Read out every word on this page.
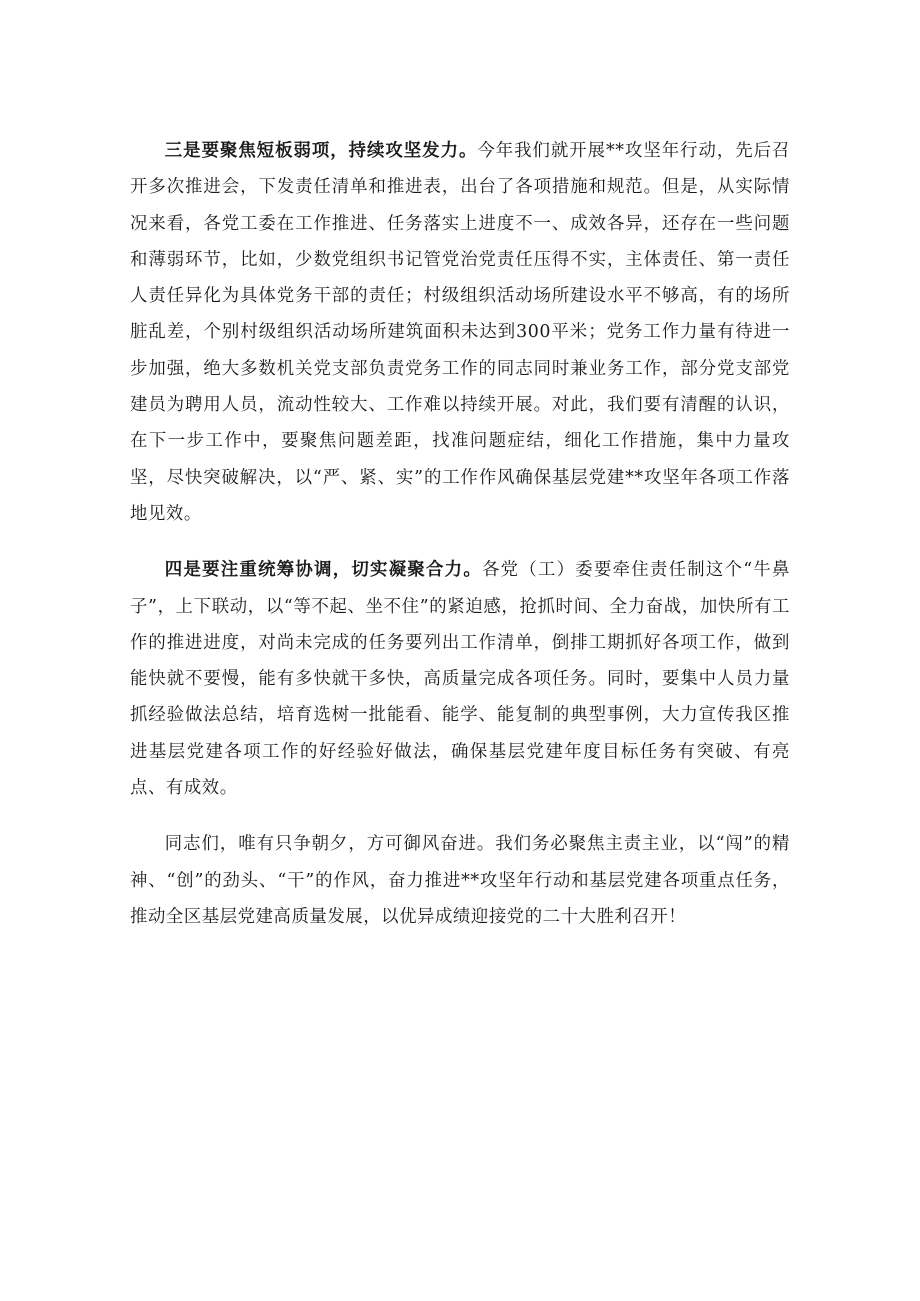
三是要聚焦短板弱项，持续攻坚发力。今年我们就开展**攻坚年行动，先后召开多次推进会，下发责任清单和推进表，出台了各项措施和规范。但是，从实际情况来看，各党工委在工作推进、任务落实上进度不一、成效各异，还存在一些问题和薄弱环节，比如，少数党组织书记管党治党责任压得不实，主体责任、第一责任人责任异化为具体党务干部的责任；村级组织活动场所建设水平不够高，有的场所脏乱差，个别村级组织活动场所建筑面积未达到300平米；党务工作力量有待进一步加强，绝大多数机关党支部负责党务工作的同志同时兼业务工作，部分党支部党建员为聘用人员，流动性较大、工作难以持续开展。对此，我们要有清醒的认识，在下一步工作中，要聚焦问题差距，找准问题症结，细化工作措施，集中力量攻坚，尽快突破解决，以“严、紧、实”的工作作风确保基层党建**攻坚年各项工作落地见效。

四是要注重统筹协调，切实凝聚合力。各党（工）委要牵住责任制这个“牛鼻子”，上下联动，以“等不起、坐不住”的紧迫感，抢抓时间、全力奋战，加快所有工作的推进进度，对尚未完成的任务要列出工作清单，倒排工期抓好各项工作，做到能快就不要慢，能有多快就干多快，高质量完成各项任务。同时，要集中人员力量抓经验做法总结，培育选树一批能看、能学、能复制的典型事例，大力宣传我区推进基层党建各项工作的好经验好做法，确保基层党建年度目标任务有突破、有亮点、有成效。

同志们，唯有只争朝夕，方可御风奋进。我们务必聚焦主责主业，以“闯”的精神、“创”的劲头、“干”的作风，奋力推进**攻坚年行动和基层党建各项重点任务，推动全区基层党建高质量发展，以优异成绩迎接党的二十大胜利召开！
